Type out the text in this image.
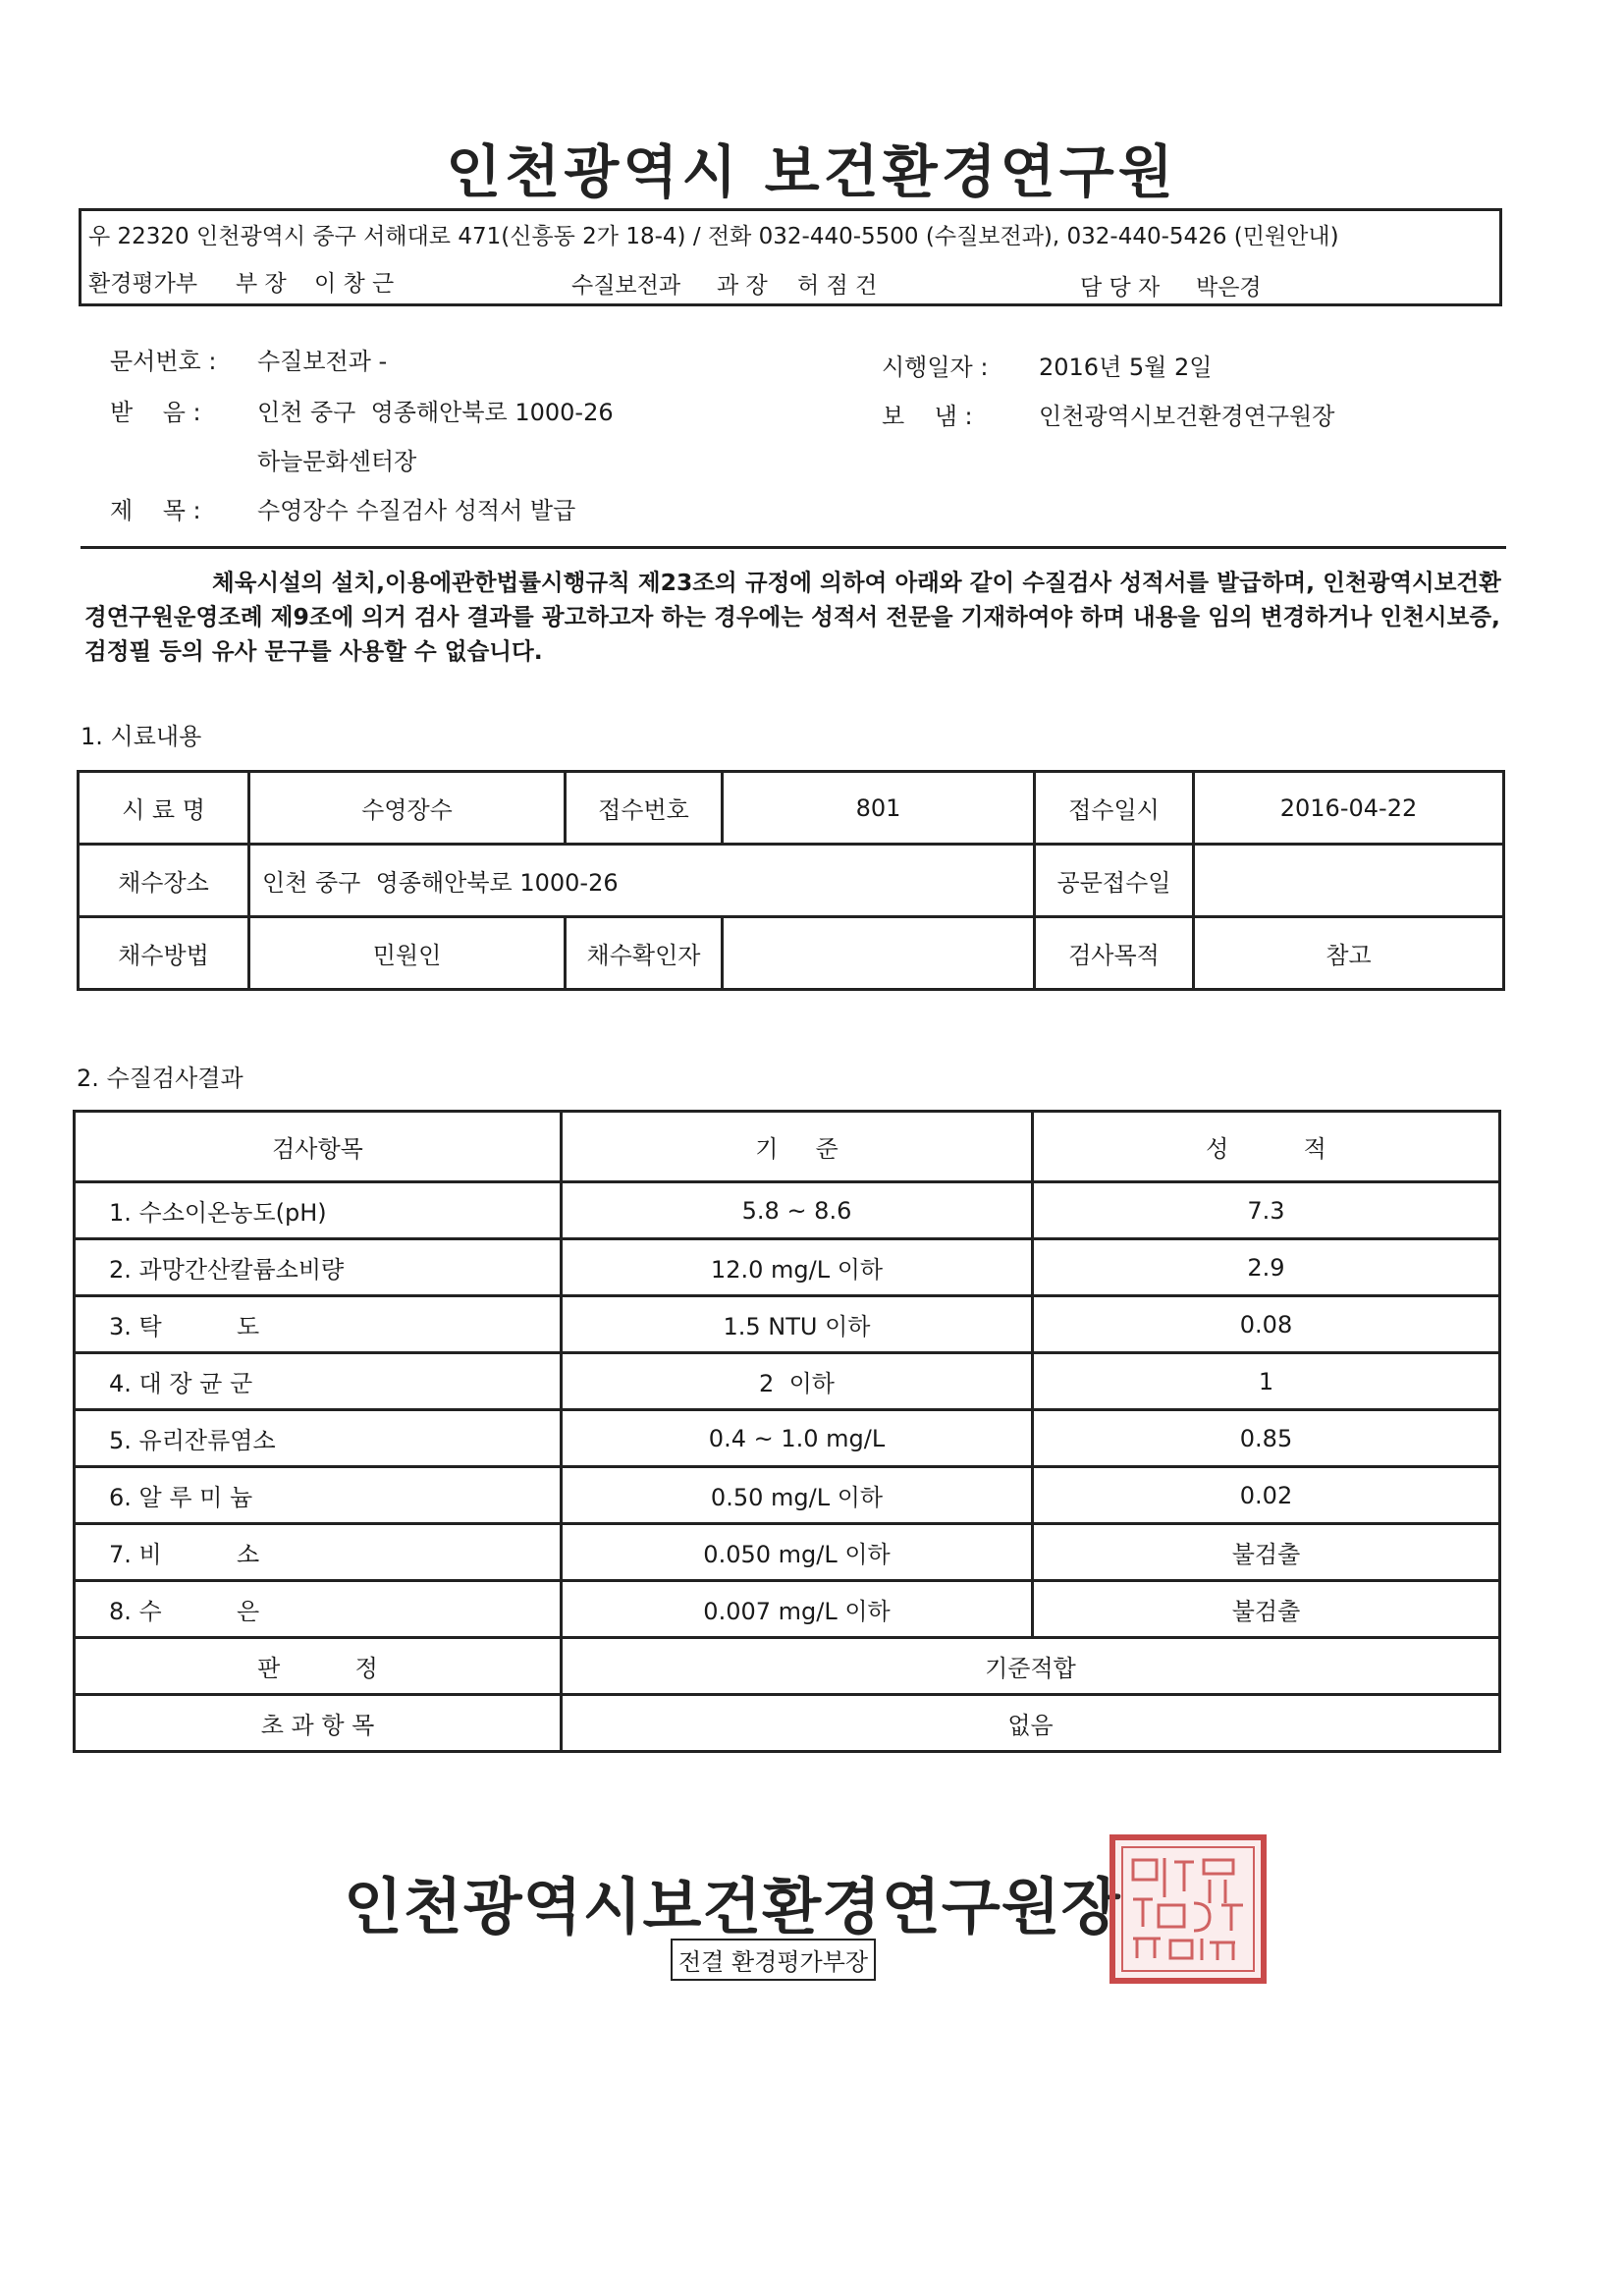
인천광역시 보건환경연구원
우 22320 인천광역시 중구 서해대로 471(신흥동 2가 18-4) / 전화 032-440-5500 (수질보전과), 032-440-5426 (민원안내)
환경평가부 부 장 이 창 근	수질보전과 과 장 허 점 건	담 당 자 박은경
문서번호 : 수질보전과 -	시행일자 : 2016년 5월 2일
받    음 : 인천 중구  영종해안북로 1000-26
하늘문화센터장
보    냄 :	인천광역시보건환경연구원장
제    목 : 수영장수 수질검사 성적서 발급
체육시설의 설치,이용에관한법률시행규칙 제23조의 규정에 의하여 아래와 같이 수질검사 성적서를 발급하며, 인천광역시보건환경연구원운영조례 제9조에 의거 검사 결과를 광고하고자 하는 경우에는 성적서 전문을 기재하여야 하며 내용을 임의 변경하거나 인천시보증, 검정필 등의 유사 문구를 사용할 수 없습니다.
1. 시료내용
시 료 명	수영장수	접수번호	801	접수일시	2016-04-22
채수장소	인천 중구  영종해안북로 1000-26			공문접수일	
채수방법	민원인	채수확인자		검사목적	참고
2. 수질검사결과
검사항목	기     준	성          적
1. 수소이온농도(pH)	5.8 ~ 8.6	7.3
2. 과망간산칼륨소비량	12.0 mg/L 이하	2.9
3. 탁          도	1.5 NTU 이하	0.08
4. 대 장 균 군	2  이하	1
5. 유리잔류염소	0.4 ~ 1.0 mg/L	0.85
6. 알 루 미 늄	0.50 mg/L 이하	0.02
7. 비          소	0.050 mg/L 이하	불검출
8. 수          은	0.007 mg/L 이하	불검출
판          정	기준적합	
초 과 항 목	없음	
인천광역시보건환경연구원장
전결 환경평가부장
